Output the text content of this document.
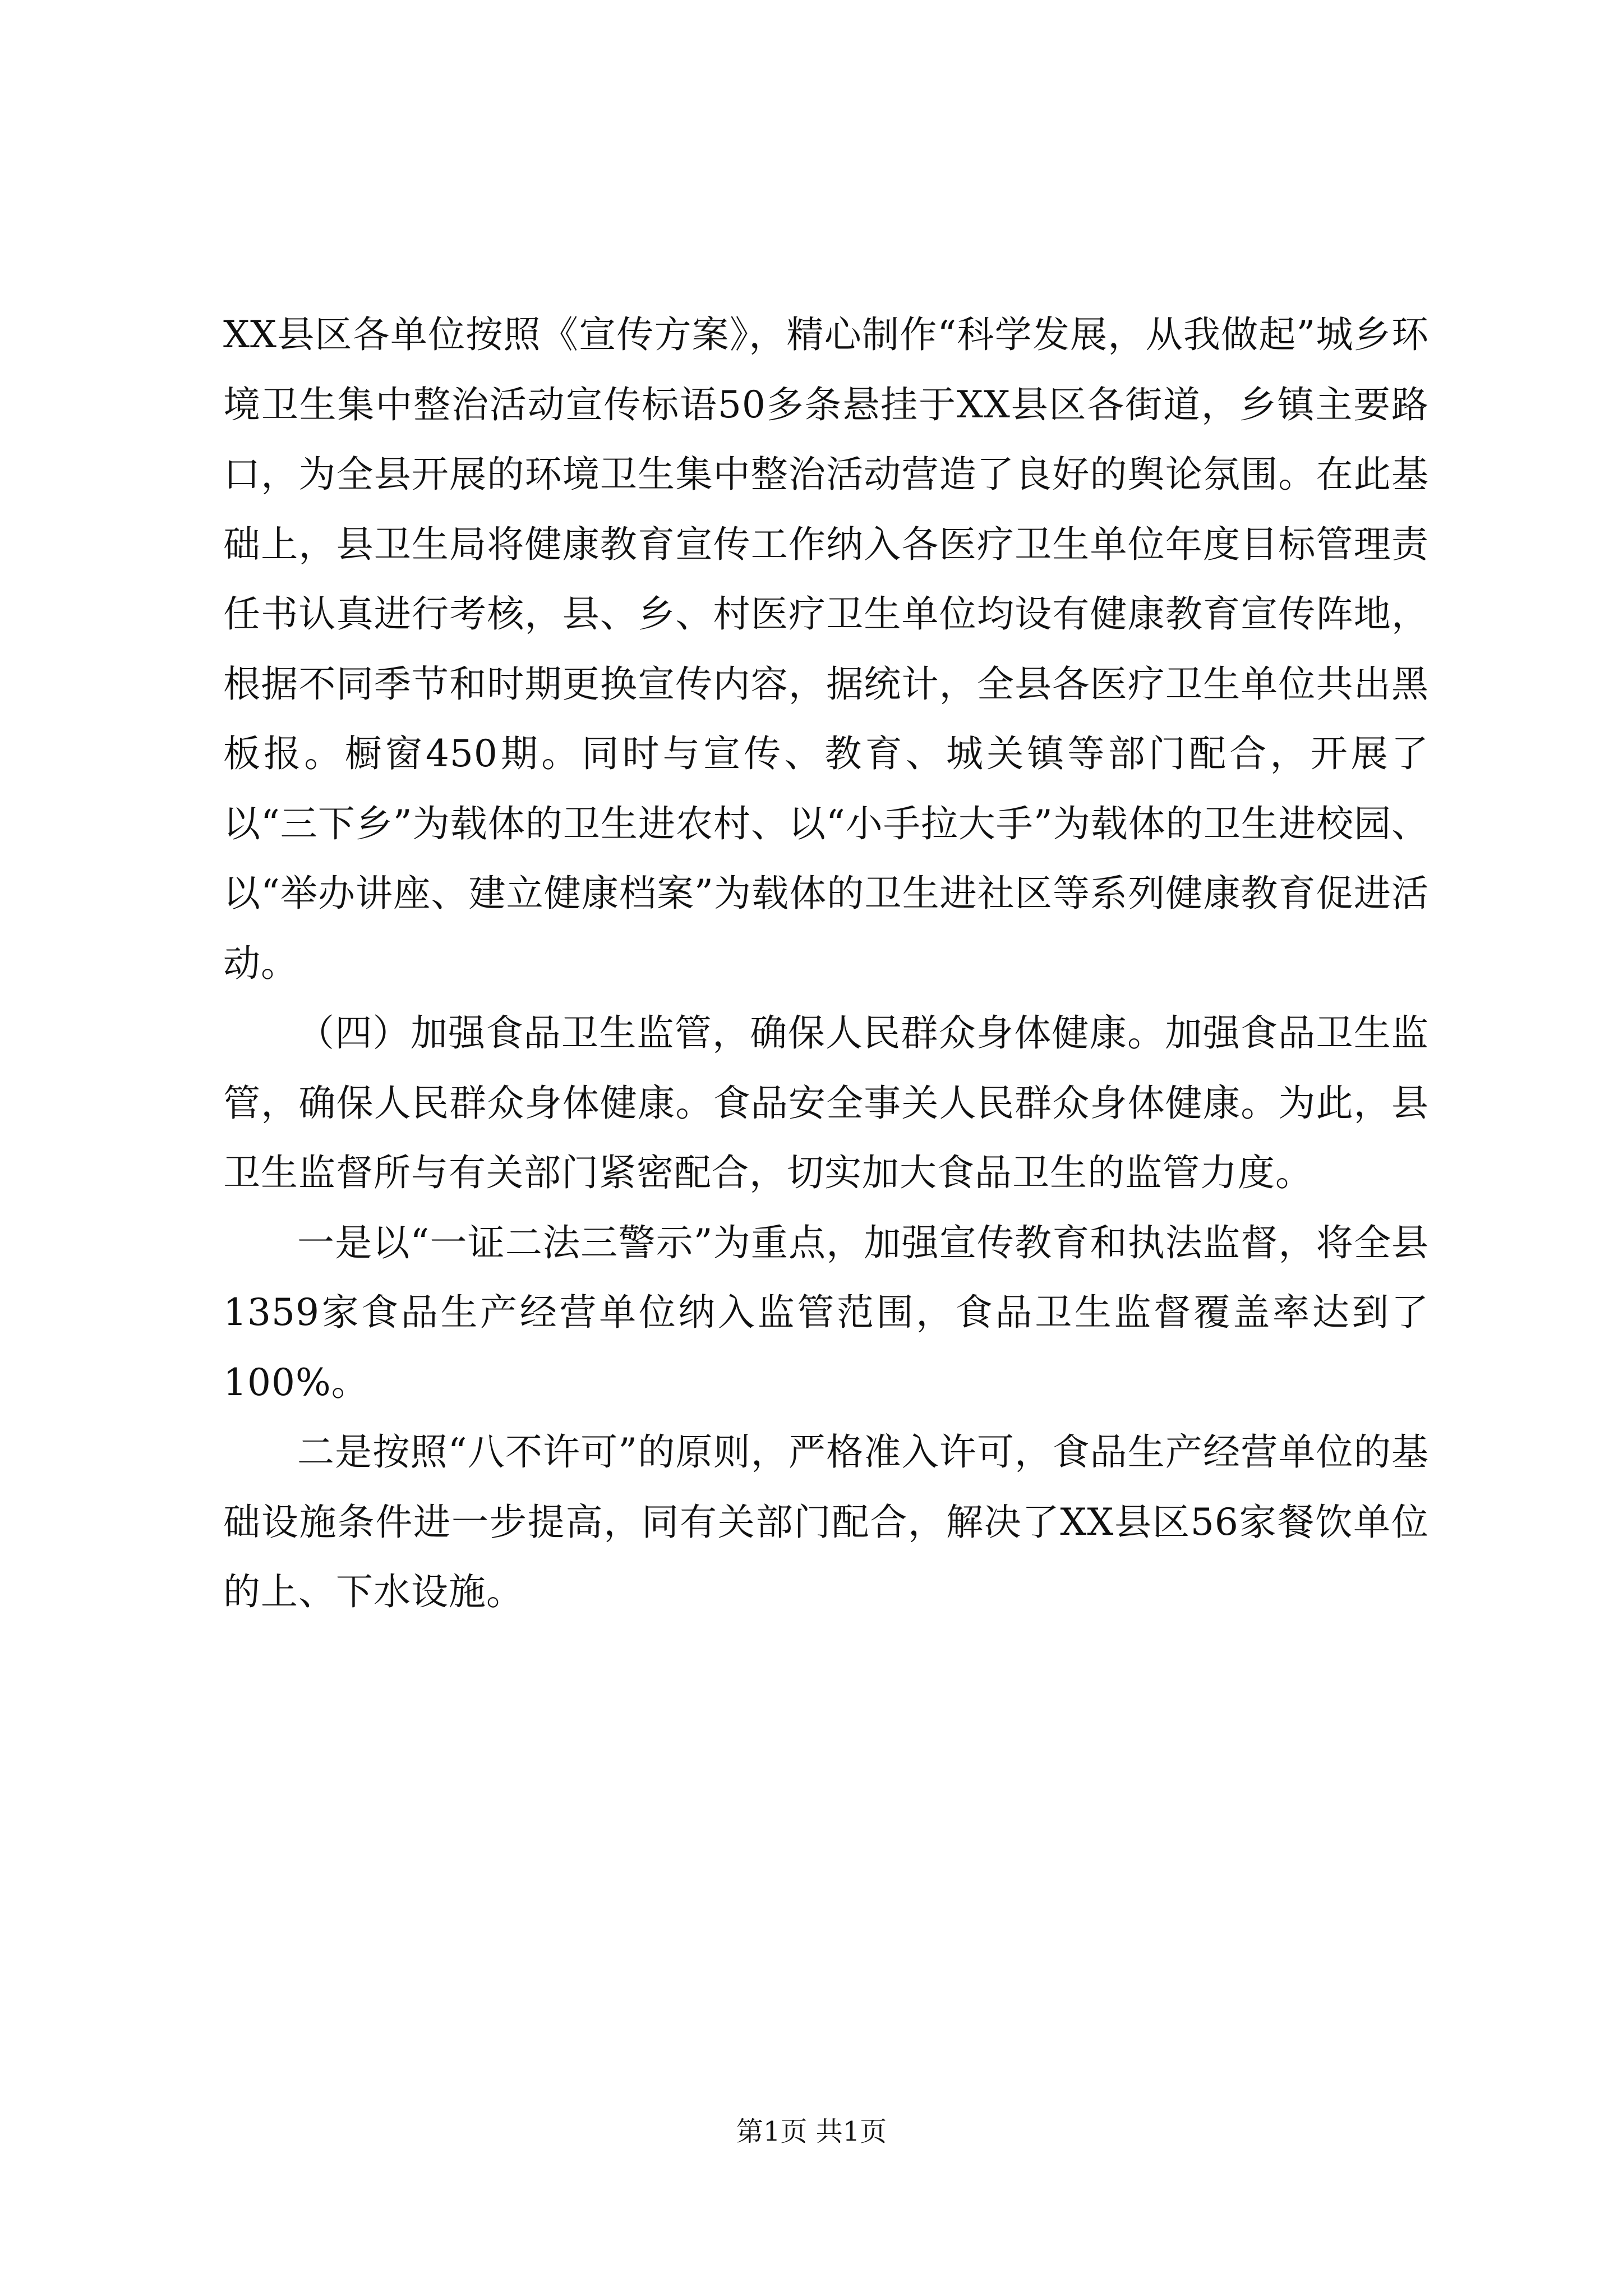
XX县区各单位按照《宣传方案》，精心制作“科学发展，从我做起”城乡环境卫生集中整治活动宣传标语50多条悬挂于XX县区各街道，乡镇主要路口，为全县开展的环境卫生集中整治活动营造了良好的舆论氛围。在此基础上，县卫生局将健康教育宣传工作纳入各医疗卫生单位年度目标管理责任书认真进行考核，县、乡、村医疗卫生单位均设有健康教育宣传阵地，根据不同季节和时期更换宣传内容，据统计，全县各医疗卫生单位共出黑板报。橱窗450期。同时与宣传、教育、城关镇等部门配合，开展了以“三下乡”为载体的卫生进农村、以“小手拉大手”为载体的卫生进校园、以“举办讲座、建立健康档案”为载体的卫生进社区等系列健康教育促进活动。

（四）加强食品卫生监管，确保人民群众身体健康。加强食品卫生监管，确保人民群众身体健康。食品安全事关人民群众身体健康。为此，县卫生监督所与有关部门紧密配合，切实加大食品卫生的监管力度。

一是以“一证二法三警示”为重点，加强宣传教育和执法监督，将全县1359家食品生产经营单位纳入监管范围，食品卫生监督覆盖率达到了100%。

二是按照“八不许可”的原则，严格准入许可，食品生产经营单位的基础设施条件进一步提高，同有关部门配合，解决了XX县区56家餐饮单位的上、下水设施。

第1页 共1页
